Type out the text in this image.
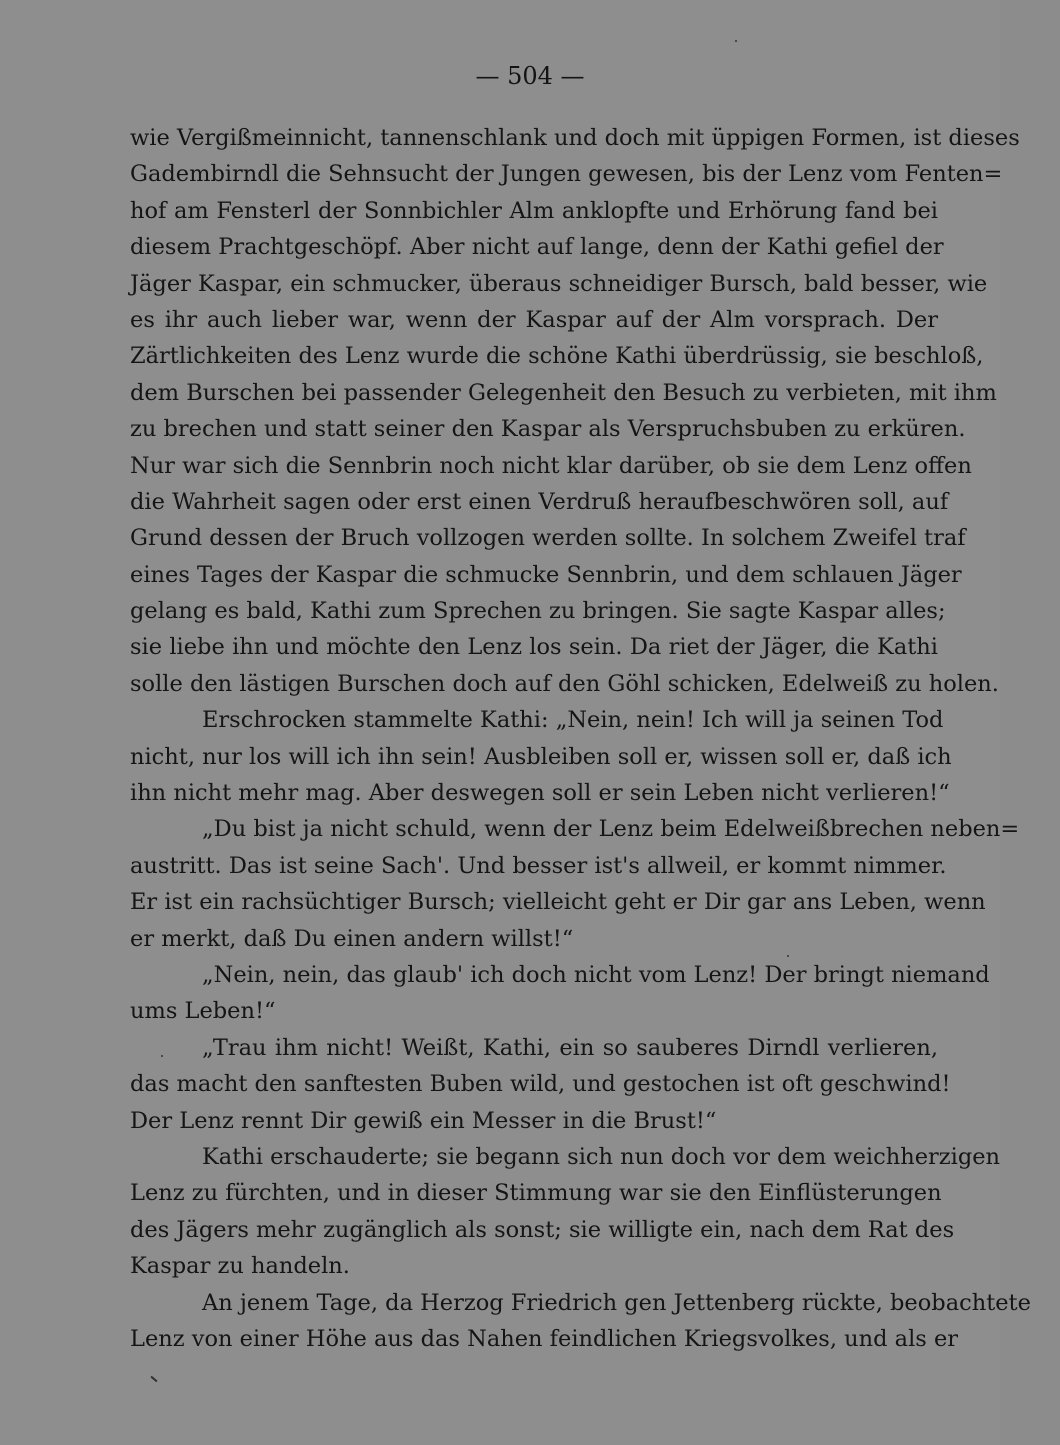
— 504 —
wie Vergißmeinnicht, tannenschlank und doch mit üppigen Formen, ist dieses
Gadembirndl die Sehnsucht der Jungen gewesen, bis der Lenz vom Fenten=
hof am Fensterl der Sonnbichler Alm anklopfte und Erhörung fand bei
diesem Prachtgeschöpf. Aber nicht auf lange, denn der Kathi gefiel der
Jäger Kaspar, ein schmucker, überaus schneidiger Bursch, bald besser, wie
es ihr auch lieber war, wenn der Kaspar auf der Alm vorsprach. Der
Zärtlichkeiten des Lenz wurde die schöne Kathi überdrüssig, sie beschloß,
dem Burschen bei passender Gelegenheit den Besuch zu verbieten, mit ihm
zu brechen und statt seiner den Kaspar als Verspruchsbuben zu erküren.
Nur war sich die Sennbrin noch nicht klar darüber, ob sie dem Lenz offen
die Wahrheit sagen oder erst einen Verdruß heraufbeschwören soll, auf
Grund dessen der Bruch vollzogen werden sollte. In solchem Zweifel traf
eines Tages der Kaspar die schmucke Sennbrin, und dem schlauen Jäger
gelang es bald, Kathi zum Sprechen zu bringen. Sie sagte Kaspar alles;
sie liebe ihn und möchte den Lenz los sein. Da riet der Jäger, die Kathi
solle den lästigen Burschen doch auf den Göhl schicken, Edelweiß zu holen.
Erschrocken stammelte Kathi: „Nein, nein! Ich will ja seinen Tod
nicht, nur los will ich ihn sein! Ausbleiben soll er, wissen soll er, daß ich
ihn nicht mehr mag. Aber deswegen soll er sein Leben nicht verlieren!“
„Du bist ja nicht schuld, wenn der Lenz beim Edelweißbrechen neben=
austritt. Das ist seine Sach'. Und besser ist's allweil, er kommt nimmer.
Er ist ein rachsüchtiger Bursch; vielleicht geht er Dir gar ans Leben, wenn
er merkt, daß Du einen andern willst!“
„Nein, nein, das glaub' ich doch nicht vom Lenz! Der bringt niemand
ums Leben!“
„Trau ihm nicht! Weißt, Kathi, ein so sauberes Dirndl verlieren,
das macht den sanftesten Buben wild, und gestochen ist oft geschwind!
Der Lenz rennt Dir gewiß ein Messer in die Brust!“
Kathi erschauderte; sie begann sich nun doch vor dem weichherzigen
Lenz zu fürchten, und in dieser Stimmung war sie den Einflüsterungen
des Jägers mehr zugänglich als sonst; sie willigte ein, nach dem Rat des
Kaspar zu handeln.
An jenem Tage, da Herzog Friedrich gen Jettenberg rückte, beobachtete
Lenz von einer Höhe aus das Nahen feindlichen Kriegsvolkes, und als er
